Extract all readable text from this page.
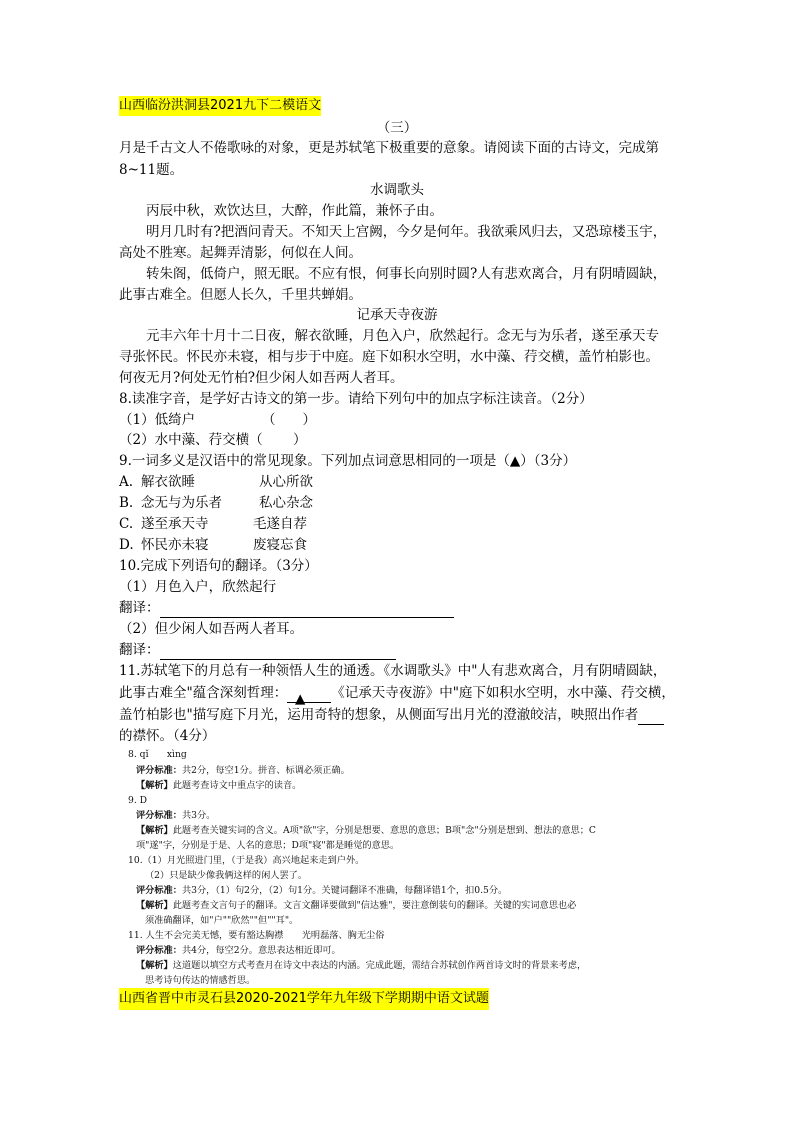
山西临汾洪洞县2021九下二模语文
（三）
月是千古文人不倦歌咏的对象，更是苏轼笔下极重要的意象。请阅读下面的古诗文，完成第
8~11题。
水调歌头
丙辰中秋，欢饮达旦，大醉，作此篇，兼怀子由。
明月几时有?把酒问青天。不知天上宫阙，今夕是何年。我欲乘风归去，又恐琼楼玉宇，
高处不胜寒。起舞弄清影，何似在人间。
转朱阁，低倚户，照无眠。不应有恨，何事长向别时圆?人有悲欢离合，月有阴晴圆缺，
此事古难全。但愿人长久，千里共蝉娟。
记承天寺夜游
元丰六年十月十二日夜，解衣欲睡，月色入户，欣然起行。念无与为乐者，遂至承天专
寻张怀民。怀民亦未寝，相与步于中庭。庭下如积水空明，水中藻、荇交横，盖竹柏影也。
何夜无月?何处无竹柏?但少闲人如吾两人者耳。
8.读准字音，是学好古诗文的第一步。请给下列句中的加点字标注读音。（2分）
（1）低绮户	（　　）
（2）水中藻、荇交横（ ）
9.一词多义是汉语中的常见现象。下列加点词意思相同的一项是（▲）（3分）
A. 解衣欲睡	从心所欲
B. 念无与为乐者	私心杂念
C. 遂至承天寺	毛遂自荐
D. 怀民亦未寝	废寝忘食
10.完成下列语句的翻译。（3分）
（1）月色入户，欣然起行
翻译：
（2）但少闲人如吾两人者耳。
翻译：
11.苏轼笔下的月总有一种领悟人生的通透。《水调歌头》中"人有悲欢离合，月有阴晴圆缺，
此事古难全"蕴含深刻哲理： ▲ 《记承天寺夜游》中"庭下如积水空明，水中藻、荇交横，
盖竹柏影也"描写庭下月光，运用奇特的想象，从侧面写出月光的澄澈皎洁，映照出作者
的襟怀。（4分）
8. qǐ　　xìng
评分标准：共2分，每空1分。拼音、标调必须正确。
【解析】此题考查诗文中重点字的读音。
9. D
评分标准：共3分。
【解析】此题考查关键实词的含义。A项"欲"字，分别是想要、意思的意思；B项"念"分别是想到、想法的意思；C
项"遂"字，分别是于是、人名的意思；D项"寝"都是睡觉的意思。
10.（1）月光照进门里，（于是我）高兴地起来走到户外。
（2）只是缺少像我俩这样的闲人罢了。
评分标准：共3分，（1）句2分，（2）句1分。关键词翻译不准确，每翻译错1个，扣0.5分。
【解析】此题考查文言句子的翻译。文言文翻译要做到"信达雅"，要注意倒装句的翻译。关键的实词意思也必
须准确翻译，如"户""欣然""但""耳"。
11. 人生不会完美无憾，要有豁达胸襟　　光明磊落、胸无尘俗
评分标准：共4分，每空2分。意思表达相近即可。
【解析】这道题以填空方式考查月在诗文中表达的内涵。完成此题，需结合苏轼创作两首诗文时的背景来考虑，
思考诗句传达的情感哲思。
山西省晋中市灵石县2020-2021学年九年级下学期期中语文试题
